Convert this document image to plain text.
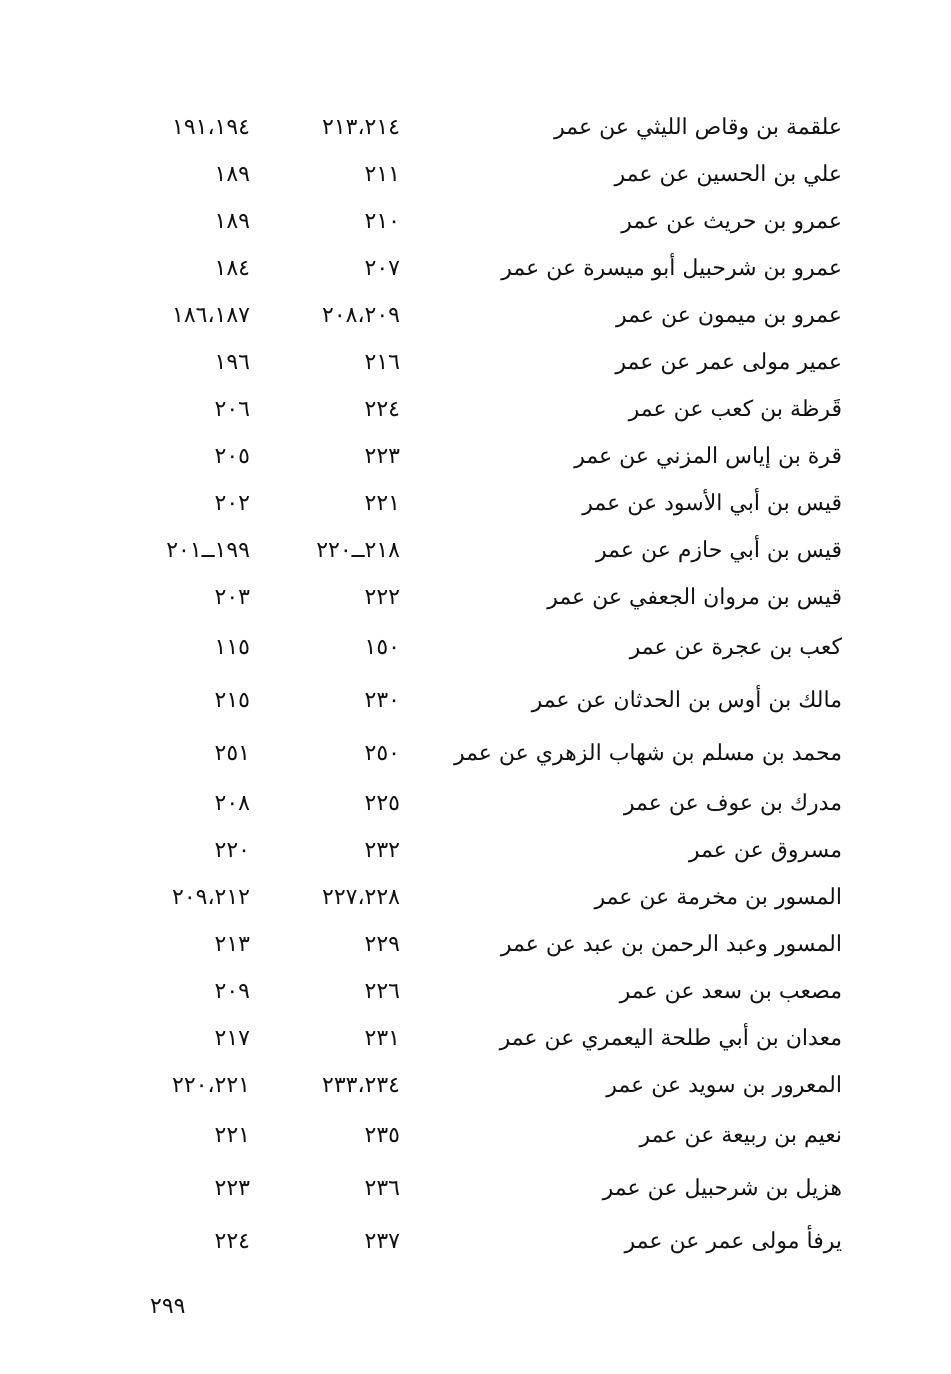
علقمة بن وقاص الليثي عن عمر
٢١٣،٢١٤
١٩١،١٩٤
علي بن الحسين عن عمر
٢١١
١٨٩
عمرو بن حريث عن عمر
٢١٠
١٨٩
عمرو بن شرحبيل أبو ميسرة عن عمر
٢٠٧
١٨٤
عمرو بن ميمون عن عمر
٢٠٨،٢٠٩
١٨٦،١٨٧
عمير مولى عمر عن عمر
٢١٦
١٩٦
قَرظة بن كعب عن عمر
٢٢٤
٢٠٦
قرة بن إياس المزني عن عمر
٢٢٣
٢٠٥
قيس بن أبي الأسود عن عمر
٢٢١
٢٠٢
قيس بن أبي حازم عن عمر
٢١٨ــ٢٢٠
١٩٩ــ٢٠١
قيس بن مروان الجعفي عن عمر
٢٢٢
٢٠٣
كعب بن عجرة عن عمر
١٥٠
١١٥
مالك بن أوس بن الحدثان عن عمر
٢٣٠
٢١٥
محمد بن مسلم بن شهاب الزهري عن عمر
٢٥٠
٢٥١
مدرك بن عوف عن عمر
٢٢٥
٢٠٨
مسروق عن عمر
٢٣٢
٢٢٠
المسور بن مخرمة عن عمر
٢٢٧،٢٢٨
٢٠٩،٢١٢
المسور وعبد الرحمن بن عبد عن عمر
٢٢٩
٢١٣
مصعب بن سعد عن عمر
٢٢٦
٢٠٩
معدان بن أبي طلحة اليعمري عن عمر
٢٣١
٢١٧
المعرور بن سويد عن عمر
٢٣٣،٢٣٤
٢٢٠،٢٢١
نعيم بن ربيعة عن عمر
٢٣٥
٢٢١
هزيل بن شرحبيل عن عمر
٢٣٦
٢٢٣
يرفأ مولى عمر عن عمر
٢٣٧
٢٢٤
٢٩٩
